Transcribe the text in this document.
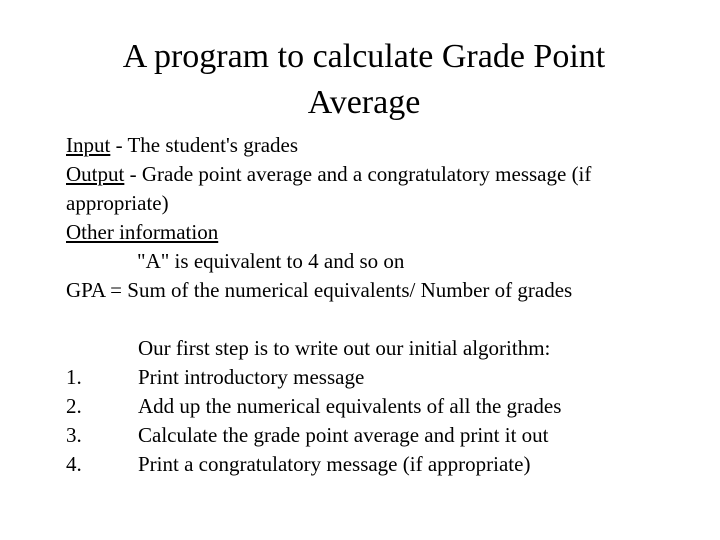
A program to calculate Grade Point
Average
Input - The student's grades
Output - Grade point average and a congratulatory message (if
appropriate)
Other information
"A" is equivalent to 4 and so on
GPA = Sum of the numerical equivalents/ Number of grades
Our first step is to write out our initial algorithm:
1.	Print introductory message
2.	Add up the numerical equivalents of all the grades
3.	Calculate the grade point average and print it out
4.	Print a congratulatory message (if appropriate)
